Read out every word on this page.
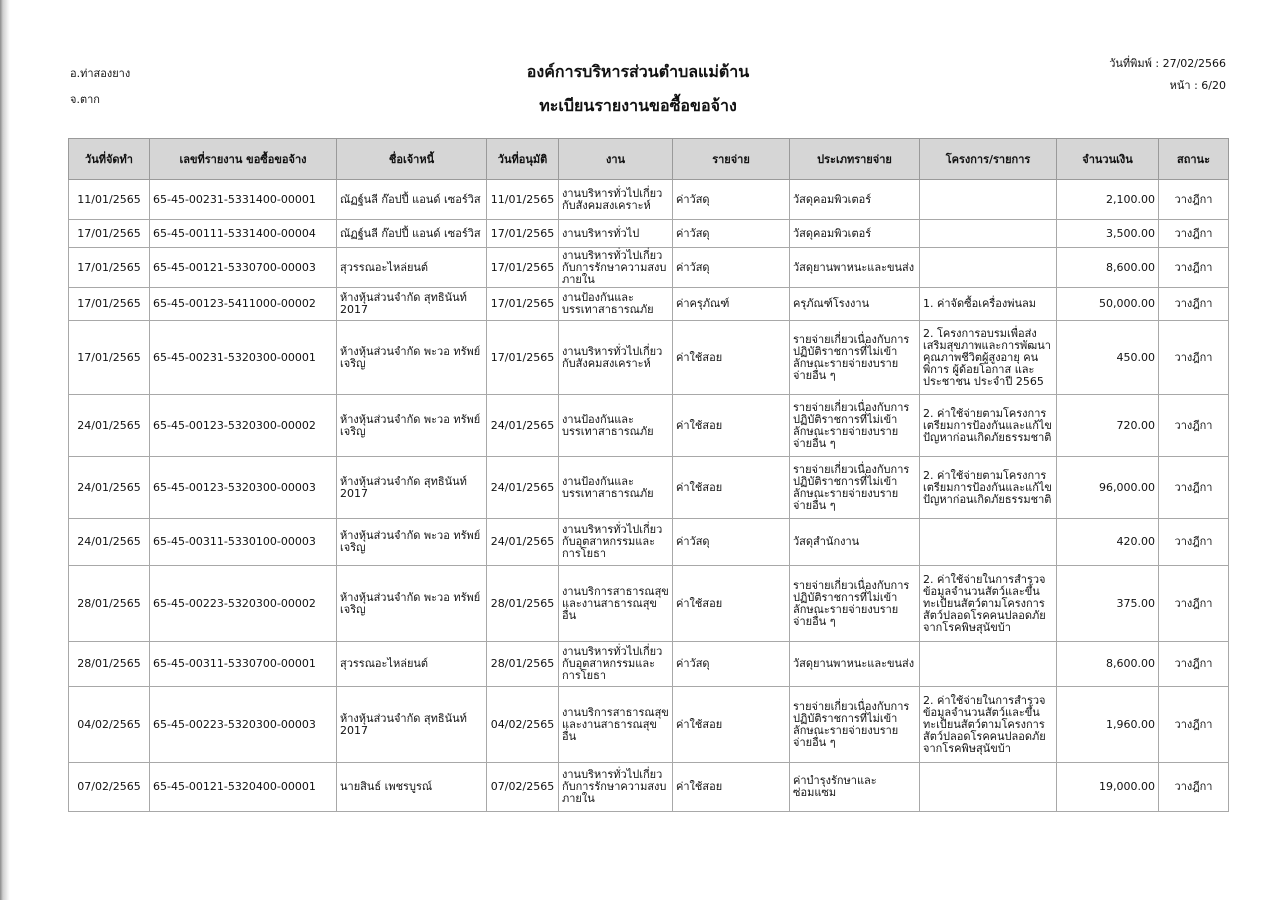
อ.ท่าสองยาง
จ.ตาก
องค์การบริหารส่วนตำบลแม่ต้าน
ทะเบียนรายงานขอซื้อขอจ้าง
วันที่พิมพ์ : 27/02/2566
หน้า : 6/20
วันที่จัดทำ	เลขที่รายงาน ขอซื้อขอจ้าง	ชื่อเจ้าหนี้	วันที่อนุมัติ	งาน	รายจ่าย	ประเภทรายจ่าย	โครงการ/รายการ	จำนวนเงิน	สถานะ
11/01/2565	65-45-00231-5331400-00001	ณัฏฐ์นลี ก๊อปปี้ แอนด์ เซอร์วิส	11/01/2565	งานบริหารทั่วไปเกี่ยวกับสังคมสงเคราะห์	ค่าวัสดุ	วัสดุคอมพิวเตอร์		2,100.00	วางฎีกา
17/01/2565	65-45-00111-5331400-00004	ณัฏฐ์นลี ก๊อปปี้ แอนด์ เซอร์วิส	17/01/2565	งานบริหารทั่วไป	ค่าวัสดุ	วัสดุคอมพิวเตอร์		3,500.00	วางฎีกา
17/01/2565	65-45-00121-5330700-00003	สุวรรณอะไหล่ยนต์	17/01/2565	งานบริหารทั่วไปเกี่ยวกับการรักษาความสงบภายใน	ค่าวัสดุ	วัสดุยานพาหนะและขนส่ง		8,600.00	วางฎีกา
17/01/2565	65-45-00123-5411000-00002	ห้างหุ้นส่วนจำกัด สุทธินันท์ 2017	17/01/2565	งานป้องกันและบรรเทาสาธารณภัย	ค่าครุภัณฑ์	ครุภัณฑ์โรงงาน	1. ค่าจัดซื้อเครื่องพ่นลม	50,000.00	วางฎีกา
17/01/2565	65-45-00231-5320300-00001	ห้างหุ้นส่วนจำกัด พะวอ ทรัพย์เจริญ	17/01/2565	งานบริหารทั่วไปเกี่ยวกับสังคมสงเคราะห์	ค่าใช้สอย	รายจ่ายเกี่ยวเนื่องกับการปฏิบัติราชการที่ไม่เข้าลักษณะรายจ่ายงบรายจ่ายอื่น ๆ	2. โครงการอบรมเพื่อส่งเสริมสุขภาพและการพัฒนาคุณภาพชีวิตผู้สูงอายุ คนพิการ ผู้ด้อยโอกาส และประชาชน ประจำปี 2565	450.00	วางฎีกา
24/01/2565	65-45-00123-5320300-00002	ห้างหุ้นส่วนจำกัด พะวอ ทรัพย์เจริญ	24/01/2565	งานป้องกันและบรรเทาสาธารณภัย	ค่าใช้สอย	รายจ่ายเกี่ยวเนื่องกับการปฏิบัติราชการที่ไม่เข้าลักษณะรายจ่ายงบรายจ่ายอื่น ๆ	2. ค่าใช้จ่ายตามโครงการเตรียมการป้องกันและแก้ไขปัญหาก่อนเกิดภัยธรรมชาติ	720.00	วางฎีกา
24/01/2565	65-45-00123-5320300-00003	ห้างหุ้นส่วนจำกัด สุทธินันท์ 2017	24/01/2565	งานป้องกันและบรรเทาสาธารณภัย	ค่าใช้สอย	รายจ่ายเกี่ยวเนื่องกับการปฏิบัติราชการที่ไม่เข้าลักษณะรายจ่ายงบรายจ่ายอื่น ๆ	2. ค่าใช้จ่ายตามโครงการเตรียมการป้องกันและแก้ไขปัญหาก่อนเกิดภัยธรรมชาติ	96,000.00	วางฎีกา
24/01/2565	65-45-00311-5330100-00003	ห้างหุ้นส่วนจำกัด พะวอ ทรัพย์เจริญ	24/01/2565	งานบริหารทั่วไปเกี่ยวกับอุตสาหกรรมและการโยธา	ค่าวัสดุ	วัสดุสำนักงาน		420.00	วางฎีกา
28/01/2565	65-45-00223-5320300-00002	ห้างหุ้นส่วนจำกัด พะวอ ทรัพย์เจริญ	28/01/2565	งานบริการสาธารณสุขและงานสาธารณสุขอื่น	ค่าใช้สอย	รายจ่ายเกี่ยวเนื่องกับการปฏิบัติราชการที่ไม่เข้าลักษณะรายจ่ายงบรายจ่ายอื่น ๆ	2. ค่าใช้จ่ายในการสำรวจข้อมูลจำนวนสัตว์และขึ้นทะเบียนสัตว์ตามโครงการสัตว์ปลอดโรคคนปลอดภัยจากโรคพิษสุนัขบ้า	375.00	วางฎีกา
28/01/2565	65-45-00311-5330700-00001	สุวรรณอะไหล่ยนต์	28/01/2565	งานบริหารทั่วไปเกี่ยวกับอุตสาหกรรมและการโยธา	ค่าวัสดุ	วัสดุยานพาหนะและขนส่ง		8,600.00	วางฎีกา
04/02/2565	65-45-00223-5320300-00003	ห้างหุ้นส่วนจำกัด สุทธินันท์ 2017	04/02/2565	งานบริการสาธารณสุขและงานสาธารณสุขอื่น	ค่าใช้สอย	รายจ่ายเกี่ยวเนื่องกับการปฏิบัติราชการที่ไม่เข้าลักษณะรายจ่ายงบรายจ่ายอื่น ๆ	2. ค่าใช้จ่ายในการสำรวจข้อมูลจำนวนสัตว์และขึ้นทะเบียนสัตว์ตามโครงการสัตว์ปลอดโรคคนปลอดภัยจากโรคพิษสุนัขบ้า	1,960.00	วางฎีกา
07/02/2565	65-45-00121-5320400-00001	นายสินธ์ เพชรบูรณ์	07/02/2565	งานบริหารทั่วไปเกี่ยวกับการรักษาความสงบภายใน	ค่าใช้สอย	ค่าบำรุงรักษาและซ่อมแซม		19,000.00	วางฎีกา
